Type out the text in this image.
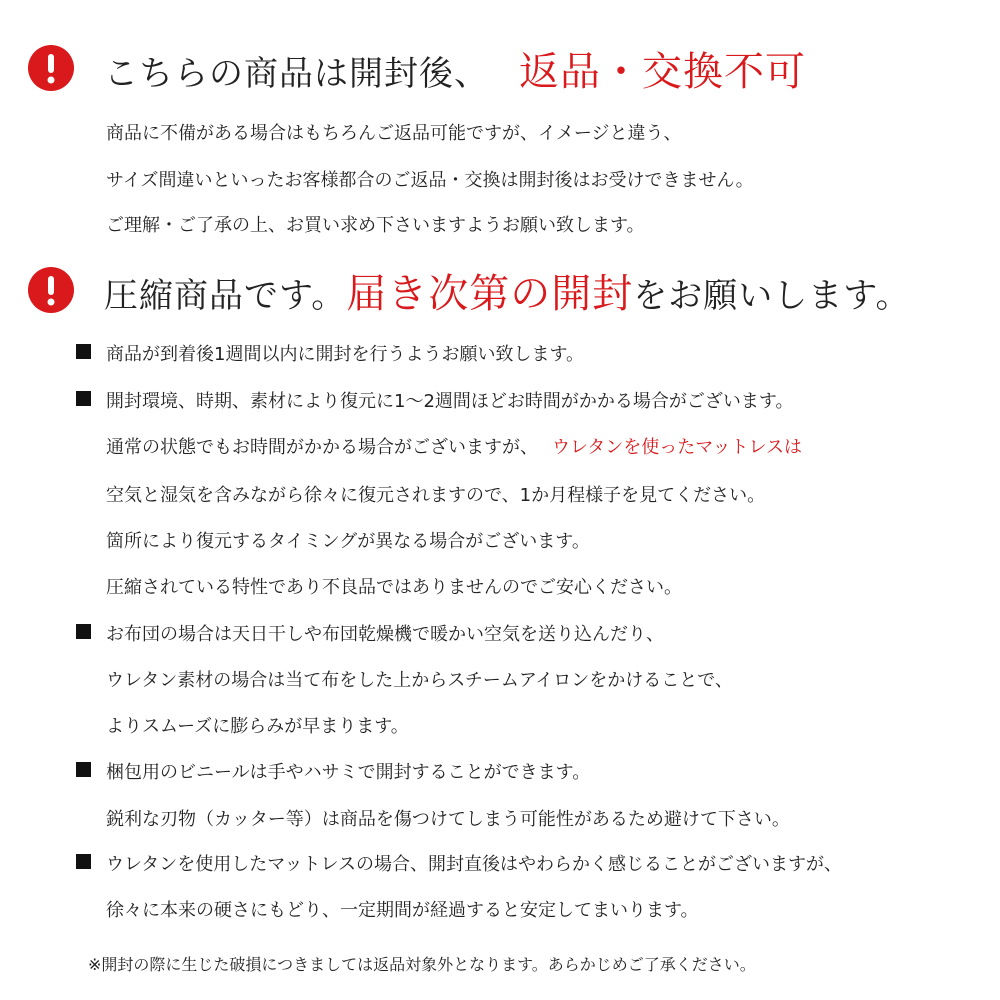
こちらの商品は開封後、 返品・交換不可
商品に不備がある場合はもちろんご返品可能ですが、イメージと違う、
サイズ間違いといったお客様都合のご返品・交換は開封後はお受けできません。
ご理解・ご了承の上、お買い求め下さいますようお願い致します。
圧縮商品です。届き次第の開封をお願いします。
商品が到着後1週間以内に開封を行うようお願い致します。
開封環境、時期、素材により復元に1～2週間ほどお時間がかかる場合がございます。
通常の状態でもお時間がかかる場合がございますが、 ウレタンを使ったマットレスは
空気と湿気を含みながら徐々に復元されますので、1か月程様子を見てください。
箇所により復元するタイミングが異なる場合がございます。
圧縮されている特性であり不良品ではありませんのでご安心ください。
お布団の場合は天日干しや布団乾燥機で暖かい空気を送り込んだり、
ウレタン素材の場合は当て布をした上からスチームアイロンをかけることで、
よりスムーズに膨らみが早まります。
梱包用のビニールは手やハサミで開封することができます。
鋭利な刃物（カッター等）は商品を傷つけてしまう可能性があるため避けて下さい。
ウレタンを使用したマットレスの場合、開封直後はやわらかく感じることがございますが、
徐々に本来の硬さにもどり、一定期間が経過すると安定してまいります。
※開封の際に生じた破損につきましては返品対象外となります。あらかじめご了承ください。
